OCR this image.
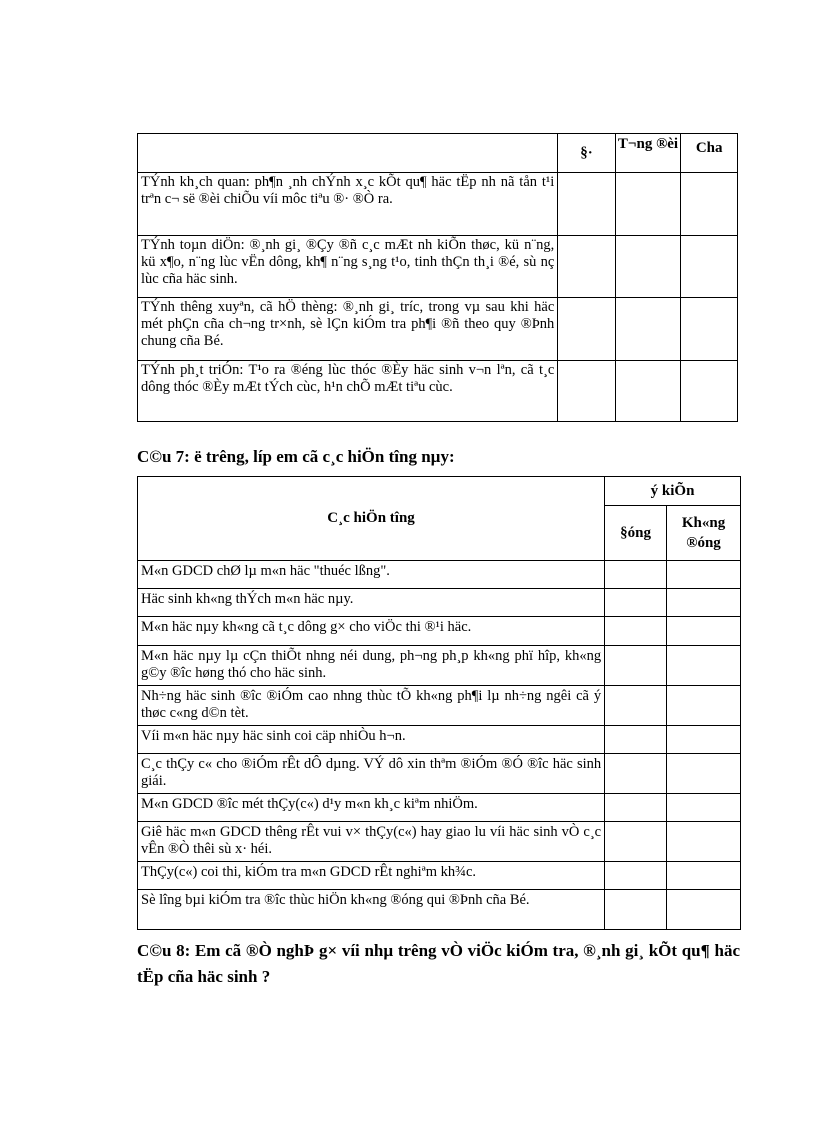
	§·	T¬ng ®èi	Cha
TÝnh kh¸ch quan: ph¶n ¸nh chÝnh x¸c kÕt qu¶ häc tËp nh nã tån t¹i trªn c¬ së ®èi chiÕu víi môc tiªu ®· ®Ò ra.			
TÝnh toµn diÖn: ®¸nh gi¸ ®Çy ®ñ c¸c mÆt nh kiÕn thøc, kü n¨ng, kü x¶o, n¨ng lùc vËn dông, kh¶ n¨ng s¸ng t¹o, tinh thÇn th¸i ®é, sù nç lùc cña häc sinh.			
TÝnh thêng xuyªn, cã hÖ thèng: ®¸nh gi¸ tríc, trong vµ sau khi häc mét phÇn cña ch¬ng tr×nh, sè lÇn kiÓm tra ph¶i ®ñ theo quy ®Þnh chung cña Bé.			
TÝnh ph¸t triÓn: T¹o ra ®éng lùc thóc ®Èy häc sinh v¬n lªn, cã t¸c dông thóc ®Èy mÆt tÝch cùc, h¹n chÕ mÆt tiªu cùc.			
C©u 7: ë trêng, líp em cã c¸c hiÖn tîng nµy:
C¸c hiÖn tîng	ý kiÕn	
	§óng	Kh«ng ®óng
M«n GDCD chØ lµ m«n häc "thuéc lßng".		
Häc sinh kh«ng thÝch m«n häc nµy.		
M«n häc nµy kh«ng cã t¸c dông g× cho viÖc thi ®¹i häc.		
M«n häc nµy lµ cÇn thiÕt nhng néi dung, ph¬ng ph¸p kh«ng phï hîp, kh«ng g©y ®îc høng thó cho häc sinh.		
Nh÷ng häc sinh ®îc ®iÓm cao nhng thùc tÕ kh«ng ph¶i lµ nh÷ng ngêi cã ý thøc c«ng d©n tèt.		
Víi m«n häc nµy häc sinh coi cäp nhiÒu h¬n.		
C¸c thÇy c« cho ®iÓm rÊt dÔ dµng. VÝ dô xin thªm ®iÓm ®Ó ®îc häc sinh giái.		
M«n GDCD ®îc mét thÇy(c«) d¹y m«n kh¸c kiªm nhiÖm.		
Giê häc m«n GDCD thêng rÊt vui v× thÇy(c«) hay giao lu víi häc sinh vÒ c¸c vÊn ®Ò thêi sù x· héi.		
ThÇy(c«) coi thi, kiÓm tra m«n GDCD rÊt nghiªm kh¾c.		
Sè lîng bµi kiÓm tra ®îc thùc hiÖn kh«ng ®óng qui ®Þnh cña Bé.		
C©u 8: Em cã ®Ò nghÞ g× víi nhµ trêng vÒ viÖc kiÓm tra, ®¸nh gi¸ kÕt qu¶ häc tËp cña häc sinh ?
